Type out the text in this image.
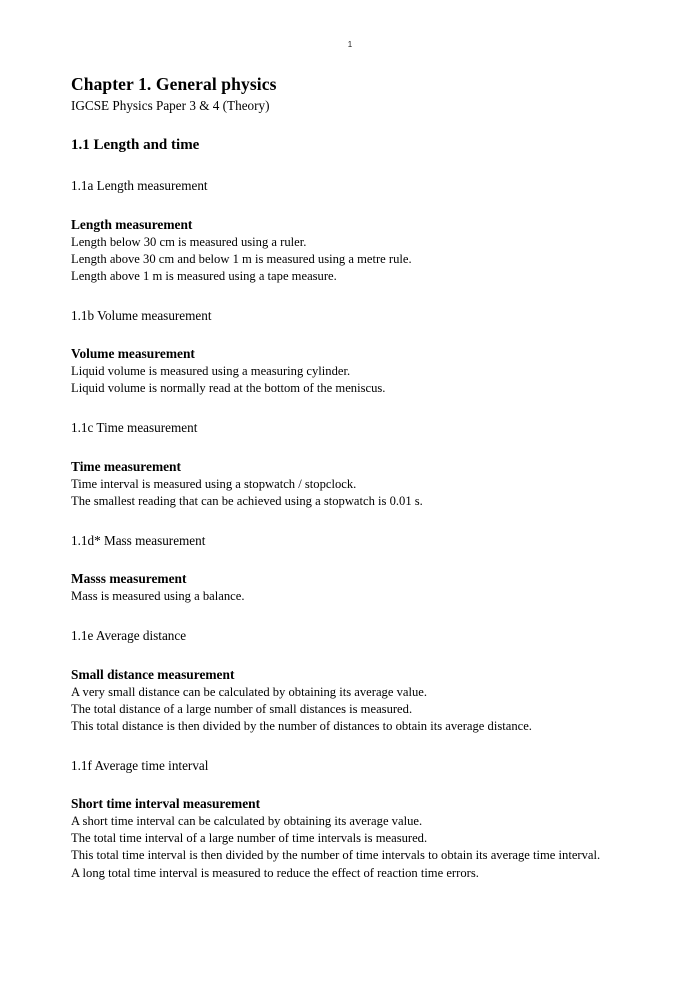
1
Chapter 1. General physics

IGCSE Physics Paper 3 & 4 (Theory)

1.1 Length and time

1.1a Length measurement

Length measurement

Length below 30 cm is measured using a ruler.

Length above 30 cm and below 1 m is measured using a metre rule.

Length above 1 m is measured using a tape measure.

1.1b Volume measurement

Volume measurement

Liquid volume is measured using a measuring cylinder.

Liquid volume is normally read at the bottom of the meniscus.

1.1c Time measurement

Time measurement

Time interval is measured using a stopwatch / stopclock.

The smallest reading that can be achieved using a stopwatch is 0.01 s.

1.1d* Mass measurement

Masss measurement

Mass is measured using a balance.

1.1e Average distance

Small distance measurement

A very small distance can be calculated by obtaining its average value.

The total distance of a large number of small distances is measured.

This total distance is then divided by the number of distances to obtain its average distance.

1.1f Average time interval

Short time interval measurement

A short time interval can be calculated by obtaining its average value.

The total time interval of a large number of time intervals is measured.

This total time interval is then divided by the number of time intervals to obtain its average time interval.

A long total time interval is measured to reduce the effect of reaction time errors.
